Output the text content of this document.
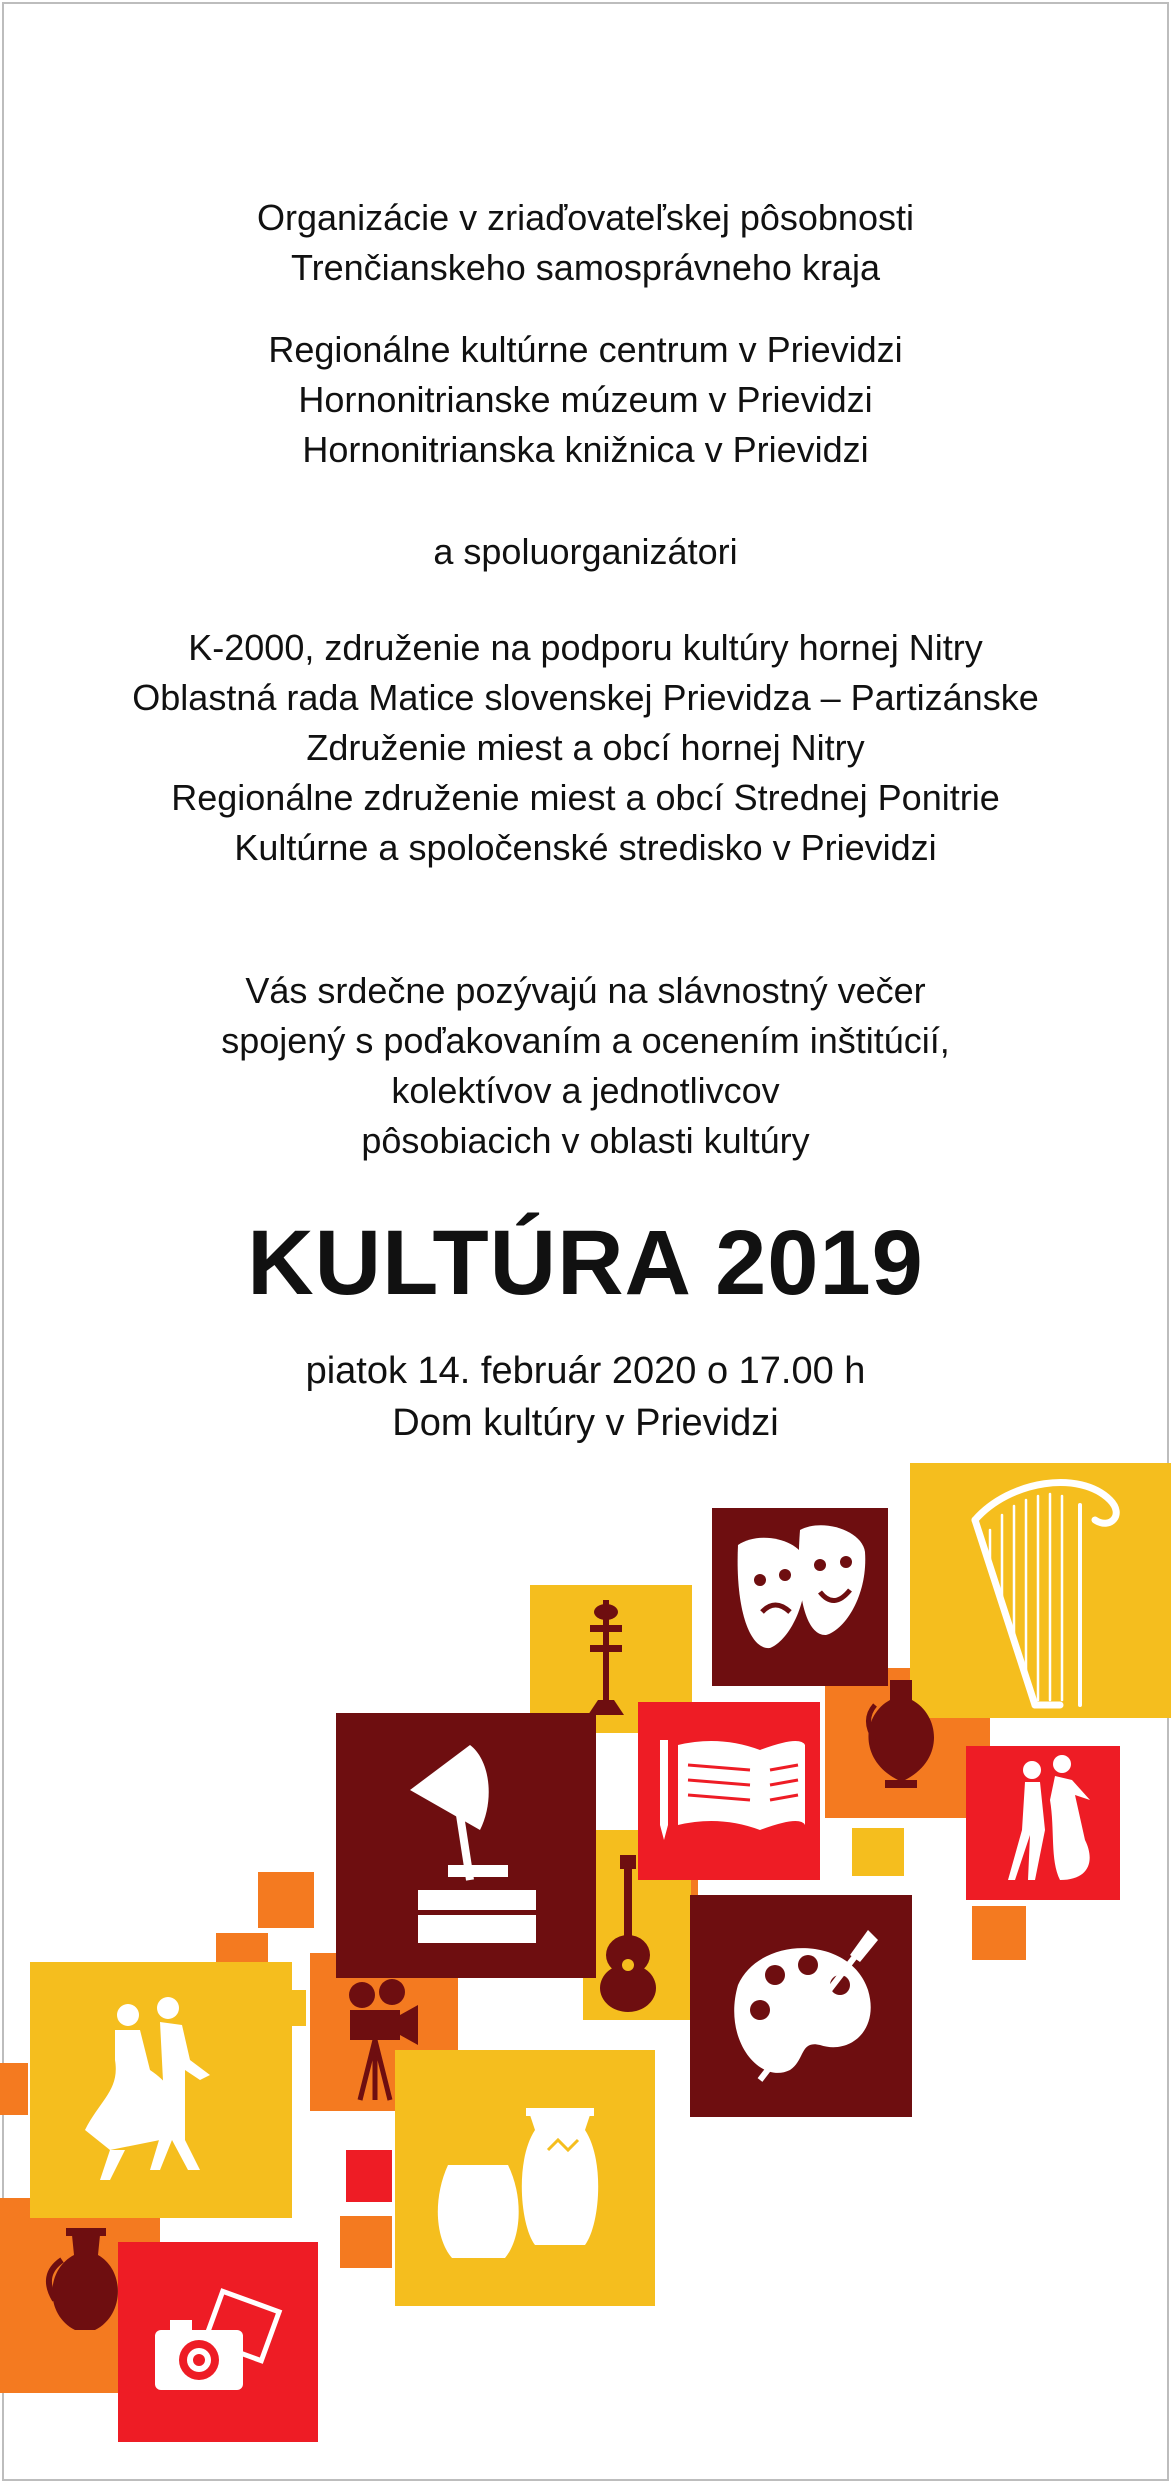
Organizácie v zriaďovateľskej pôsobnosti
Trenčianskeho samosprávneho kraja
Regionálne kultúrne centrum v Prievidzi
Hornonitrianske múzeum v Prievidzi
Hornonitrianska knižnica v Prievidzi
a spoluorganizátori
K-2000, združenie na podporu kultúry hornej Nitry
Oblastná rada Matice slovenskej Prievidza – Partizánske
Združenie miest a obcí hornej Nitry
Regionálne združenie miest a obcí Strednej Ponitrie
Kultúrne a spoločenské stredisko v Prievidzi
Vás srdečne pozývajú na slávnostný večer
spojený s poďakovaním a ocenením inštitúcií,
kolektívov a jednotlivcov
pôsobiacich v oblasti kultúry
KULTÚRA 2019
piatok 14. február 2020 o 17.00 h
Dom kultúry v Prievidzi
